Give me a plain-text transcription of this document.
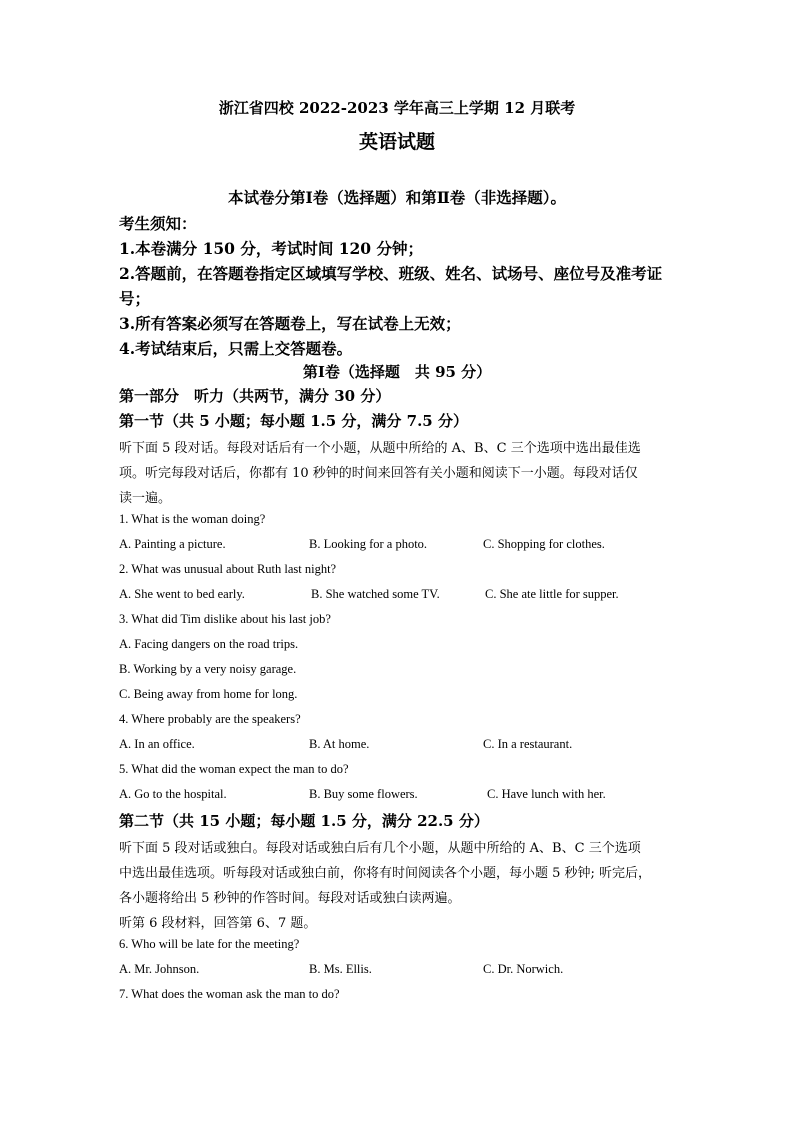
浙江省四校 2022-2023 学年高三上学期 12 月联考
英语试题
本试卷分第Ⅰ卷（选择题）和第Ⅱ卷（非选择题）。
考生须知：
1.本卷满分 150 分，考试时间 120 分钟；
2.答题前，在答题卷指定区域填写学校、班级、姓名、试场号、座位号及准考证
号；
3.所有答案必须写在答题卷上，写在试卷上无效；
4.考试结束后，只需上交答题卷。
第Ⅰ卷（选择题　共 95 分）
第一部分　听力（共两节，满分 30 分）
第一节（共 5 小题；每小题 1.5 分，满分 7.5 分）
听下面 5 段对话。每段对话后有一个小题，从题中所给的 A、B、C 三个选项中选出最佳选
项。听完每段对话后，你都有 10 秒钟的时间来回答有关小题和阅读下一小题。每段对话仅
读一遍。
1. What is the woman doing?
A. Painting a picture.	B. Looking for a photo.	C. Shopping for clothes.
2. What was unusual about Ruth last night?
A. She went to bed early.	B. She watched some TV.	C. She ate little for supper.
3. What did Tim dislike about his last job?
A. Facing dangers on the road trips.
B. Working by a very noisy garage.
C. Being away from home for long.
4. Where probably are the speakers?
A. In an office.	B. At home.	C. In a restaurant.
5. What did the woman expect the man to do?
A. Go to the hospital.	B. Buy some flowers.	C. Have lunch with her.
第二节（共 15 小题；每小题 1.5 分，满分 22.5 分）
听下面 5 段对话或独白。每段对话或独白后有几个小题，从题中所给的 A、B、C 三个选项
中选出最佳选项。听每段对话或独白前，你将有时间阅读各个小题，每小题 5 秒钟; 听完后，
各小题将给出 5 秒钟的作答时间。每段对话或独白读两遍。
听第 6 段材料，回答第 6、7 题。
6. Who will be late for the meeting?
A. Mr. Johnson.	B. Ms. Ellis.	C. Dr. Norwich.
7. What does the woman ask the man to do?
